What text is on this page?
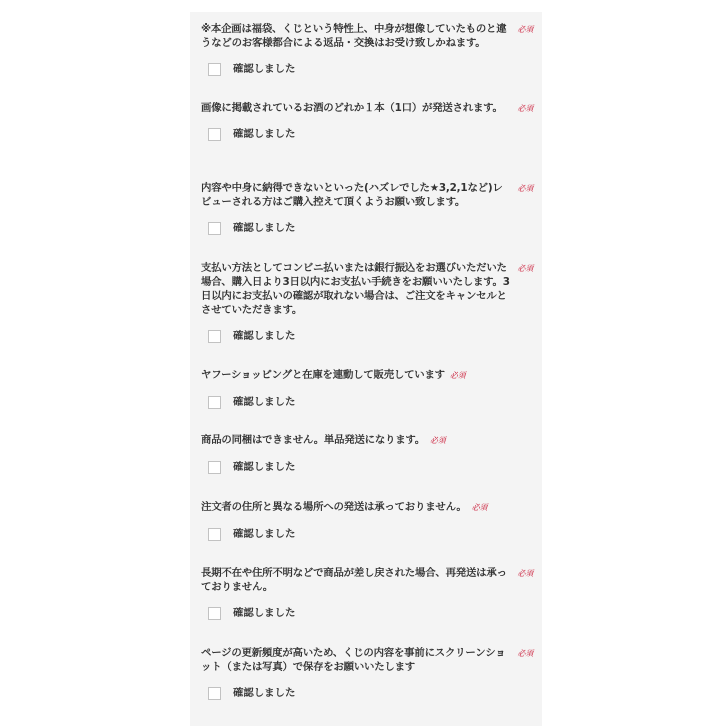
※本企画は福袋、くじという特性上、中身が想像していたものと違うなどのお客様都合による返品・交換はお受け致しかねます。
必須
確認しました
画像に掲載されているお酒のどれか１本（1口）が発送されます。	必須
確認しました
内容や中身に納得できないといった(ハズレでした★3,2,1など)レビューされる方はご購入控えて頂くようお願い致します。
必須
確認しました
支払い方法としてコンビニ払いまたは銀行振込をお選びいただいた場合、購入日より3日以内にお支払い手続きをお願いいたします。3日以内にお支払いの確認が取れない場合は、ご注文をキャンセルとさせていただきます。
必須
確認しました
ヤフーショッピングと在庫を連動して販売しています 必須
確認しました
商品の同梱はできません。単品発送になります。 必須
確認しました
注文者の住所と異なる場所への発送は承っておりません。 必須
確認しました
長期不在や住所不明などで商品が差し戻された場合、再発送は承っておりません。
必須
確認しました
ページの更新頻度が高いため、くじの内容を事前にスクリーンショット（または写真）で保存をお願いいたします
必須
確認しました
